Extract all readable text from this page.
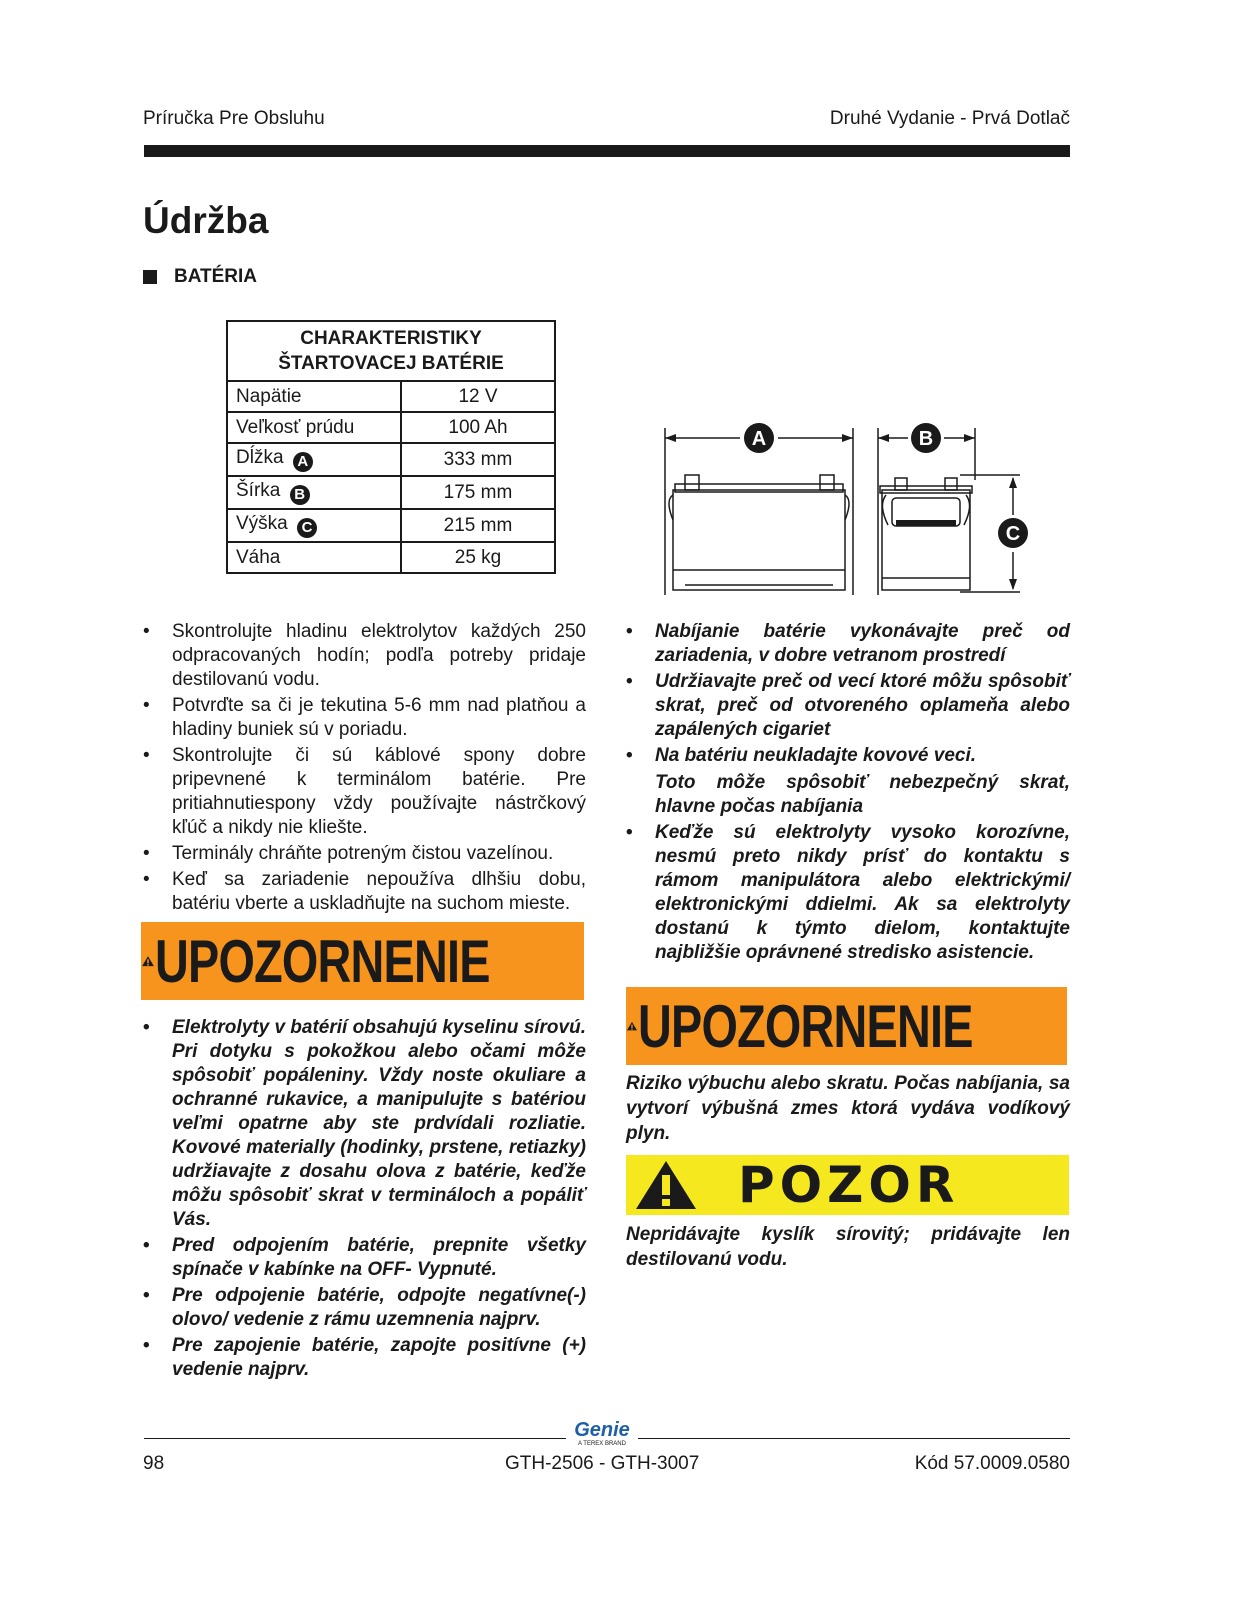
Príručka Pre Obsluhu	Druhé Vydanie - Prvá Dotlač
Údržba
BATÉRIA
CHARAKTERISTIKY
ŠTARTOVACEJ BATÉRIE	

Napätie	12 V
Veľkosť prúdu	100 Ah
Dĺžka A	333 mm
Šírka B	175 mm
Výška C	215 mm
Váha	25 kg
A	B
C
• Skontrolujte hladinu elektrolytov každých 250 odpracovaných hodín; podľa potreby pridaje destilovanú vodu.
• Potvrďte sa či je tekutina 5-6 mm nad platňou a hladiny buniek sú v poriadu.
• Skontrolujte či sú káblové spony dobre pripevnené k terminálom batérie. Pre pritiahnutiespony vždy používajte nástrčkový kľúč a nikdy nie kliešte.
• Terminály chráňte potreným čistou vazelínou.
• Keď sa zariadenie nepoužíva dlhšiu dobu, batériu vberte a uskladňujte na suchom mieste.
UPOZORNENIE
• Elektrolyty v batérií obsahujú kyselinu sírovú. Pri dotyku s pokožkou alebo očami môže spôsobiť popáleniny. Vždy noste okuliare a ochranné rukavice, a manipulujte s batériou veľmi opatrne aby ste prdvídali rozliatie. Kovové materially (hodinky, prstene, retiazky) udržiavajte z dosahu olova z batérie, keďže môžu spôsobiť skrat v termináloch a popáliť Vás.
• Pred odpojením batérie, prepnite všetky spínače v kabínke na OFF- Vypnuté.
• Pre odpojenie batérie, odpojte negatívne(-) olovo/ vedenie z rámu uzemnenia najprv.
• Pre zapojenie batérie, zapojte positívne (+) vedenie najprv.
• Nabíjanie batérie vykonávajte preč od zariadenia, v dobre vetranom prostredí
• Udržiavajte preč od vecí ktoré môžu spôsobiť skrat, preč od otvoreného oplameňa alebo zapálených cigariet
• Na batériu neukladajte kovové veci.
Toto môže spôsobiť nebezpečný skrat, hlavne počas nabíjania
• Keďže sú elektrolyty vysoko korozívne, nesmú preto nikdy prísť do kontaktu s rámom manipulátora alebo elektrickými/ elektronickými ddielmi. Ak sa elektrolyty dostanú k týmto dielom, kontaktujte najbližšie oprávnené stredisko asistencie.
UPOZORNENIE
Riziko výbuchu alebo skratu. Počas nabíjania, sa vytvorí výbušná zmes ktorá vydáva vodíkový plyn.
POZOR
Nepridávajte kyslík sírovitý; pridávajte len destilovanú vodu.
Genie
A TEREX BRAND
98	GTH-2506 - GTH-3007	Kód 57.0009.0580
